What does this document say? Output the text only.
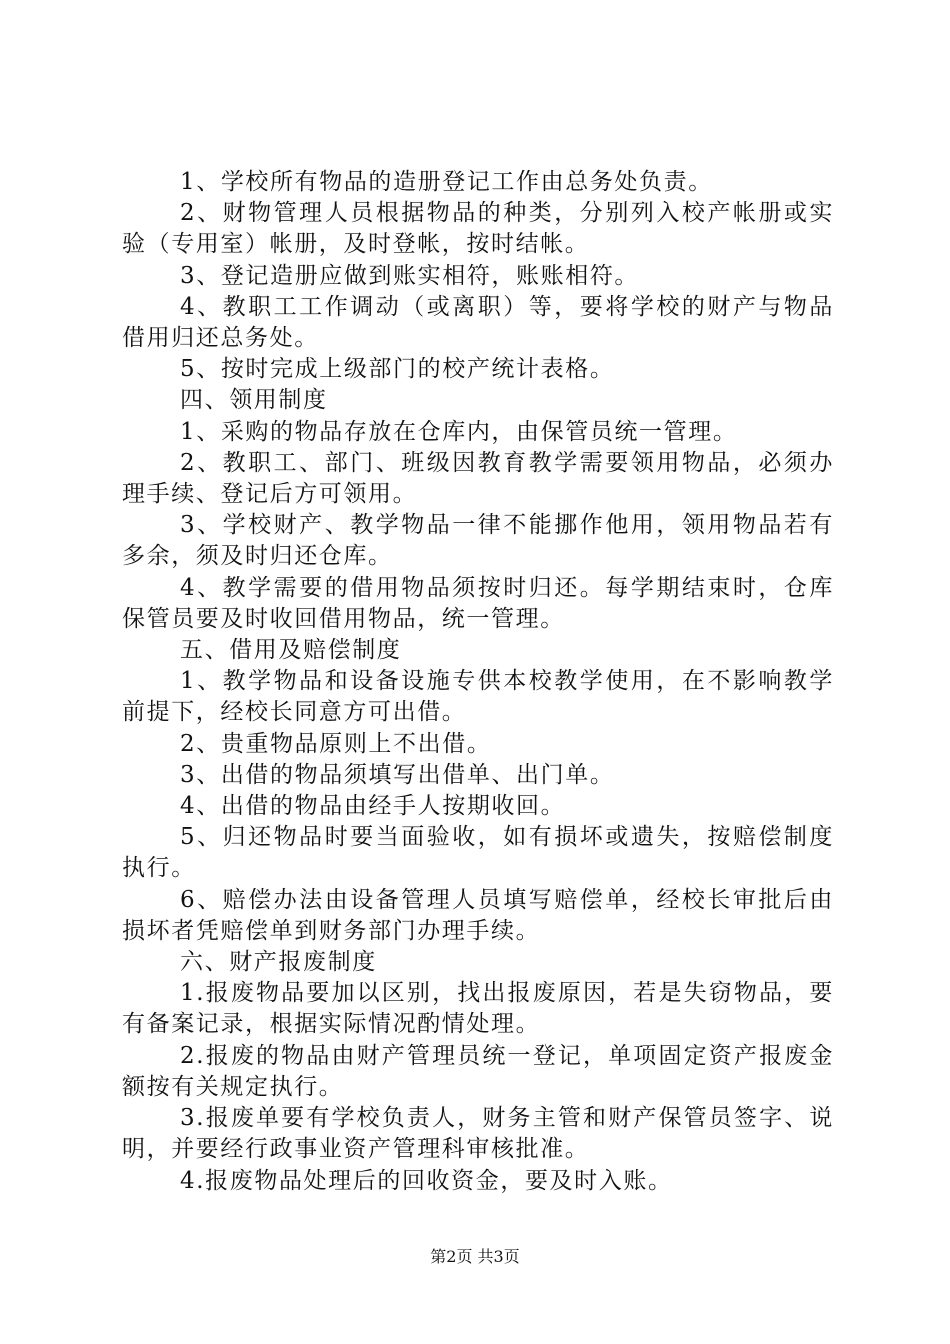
1、学校所有物品的造册登记工作由总务处负责。

2、财物管理人员根据物品的种类，分别列入校产帐册或实验（专用室）帐册，及时登帐，按时结帐。

3、登记造册应做到账实相符，账账相符。

4、教职工工作调动（或离职）等，要将学校的财产与物品借用归还总务处。

5、按时完成上级部门的校产统计表格。

四、领用制度

1、采购的物品存放在仓库内，由保管员统一管理。

2、教职工、部门、班级因教育教学需要领用物品，必须办理手续、登记后方可领用。

3、学校财产、教学物品一律不能挪作他用，领用物品若有多余，须及时归还仓库。

4、教学需要的借用物品须按时归还。每学期结束时，仓库保管员要及时收回借用物品，统一管理。

五、借用及赔偿制度

1、教学物品和设备设施专供本校教学使用，在不影响教学前提下，经校长同意方可出借。

2、贵重物品原则上不出借。

3、出借的物品须填写出借单、出门单。

4、出借的物品由经手人按期收回。

5、归还物品时要当面验收，如有损坏或遗失，按赔偿制度执行。

6、赔偿办法由设备管理人员填写赔偿单，经校长审批后由损坏者凭赔偿单到财务部门办理手续。

六、财产报废制度

1.报废物品要加以区别，找出报废原因，若是失窃物品，要有备案记录，根据实际情况酌情处理。

2.报废的物品由财产管理员统一登记，单项固定资产报废金额按有关规定执行。

3.报废单要有学校负责人，财务主管和财产保管员签字、说明，并要经行政事业资产管理科审核批准。

4.报废物品处理后的回收资金，要及时入账。

第2页 共3页
